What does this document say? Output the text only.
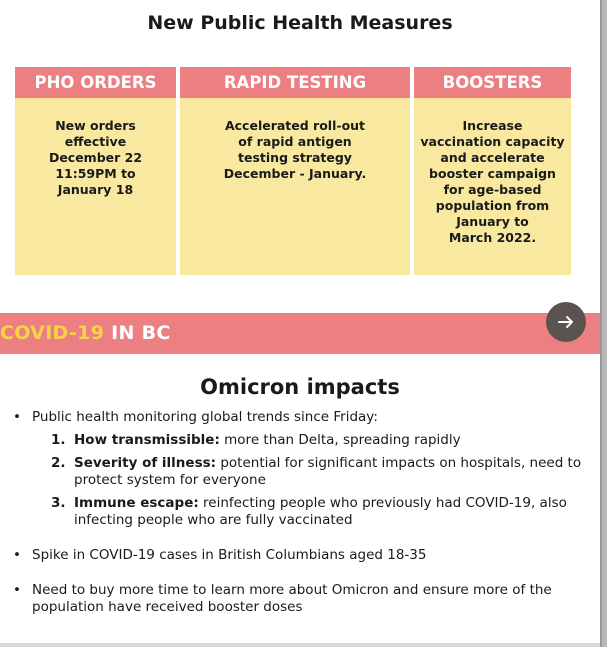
New Public Health Measures
PHO ORDERS
New orders
effective
December 22
11:59PM to
January 18
RAPID TESTING
Accelerated roll-out
of rapid antigen
testing strategy
December - January.
BOOSTERS
Increase
vaccination capacity
and accelerate
booster campaign
for age-based
population from
January to
March 2022.
COVID-19 IN BC
Omicron impacts
• Public health monitoring global trends since Friday:
1. How transmissible: more than Delta, spreading rapidly
2. Severity of illness: potential for significant impacts on hospitals, need to protect system for everyone
3. Immune escape: reinfecting people who previously had COVID-19, also infecting people who are fully vaccinated
• Spike in COVID-19 cases in British Columbians aged 18-35
• Need to buy more time to learn more about Omicron and ensure more of the population have received booster doses
